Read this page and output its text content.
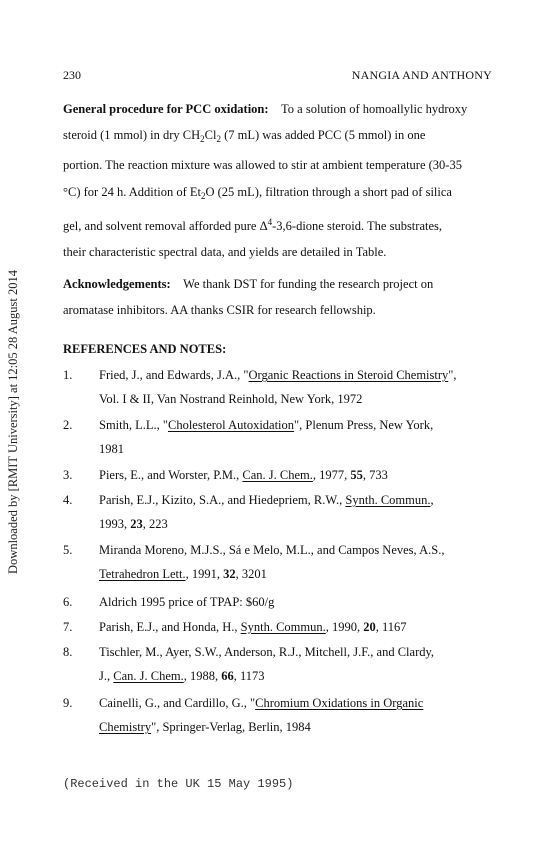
Downloaded by [RMIT University] at 12:05 28 August 2014
230	NANGIA AND ANTHONY

General procedure for PCC oxidation: To a solution of homoallylic hydroxy

steroid (1 mmol) in dry $CH_2Cl_2$ (7 mL) was added PCC (5 mmol) in one

portion. The reaction mixture was allowed to stir at ambient temperature (30-35

°C) for 24 h. Addition of $Et_2O$ (25 mL), filtration through a short pad of silica

gel, and solvent removal afforded pure $\Delta^4-3,6$-dione steroid. The substrates,

their characteristic spectral data, and yields are detailed in Table.

Acknowledgements: We thank DST for funding the research project on

aromatase inhibitors. AA thanks CSIR for research fellowship.

REFERENCES AND NOTES:
1. Fried, J., and Edwards, J.A., "Organic Reactions in Steroid Chemistry",
Vol. I & II, Van Nostrand Reinhold, New York, 1972
2. Smith, L.L., "Cholesterol Autoxidation", Plenum Press, New York,
1981
3. Piers, E., and Worster, P.M., Can. J. Chem., 1977, 55, 733
4. Parish, E.J., Kizito, S.A., and Hiedepriem, R.W., Synth. Commun.,
1993, 23, 223
5. Miranda Moreno, M.J.S., Sá e Melo, M.L., and Campos Neves, A.S.,
Tetrahedron Lett., 1991, 32, 3201
6. Aldrich 1995 price of TPAP: $60/g
7. Parish, E.J., and Honda, H., Synth. Commun., 1990, 20, 1167
8. Tischler, M., Ayer, S.W., Anderson, R.J., Mitchell, J.F., and Clardy,
J., Can. J. Chem., 1988, 66, 1173
9. Cainelli, G., and Cardillo, G., "Chromium Oxidations in Organic
Chemistry", Springer-Verlag, Berlin, 1984
(Received in the UK 15 May 1995)
